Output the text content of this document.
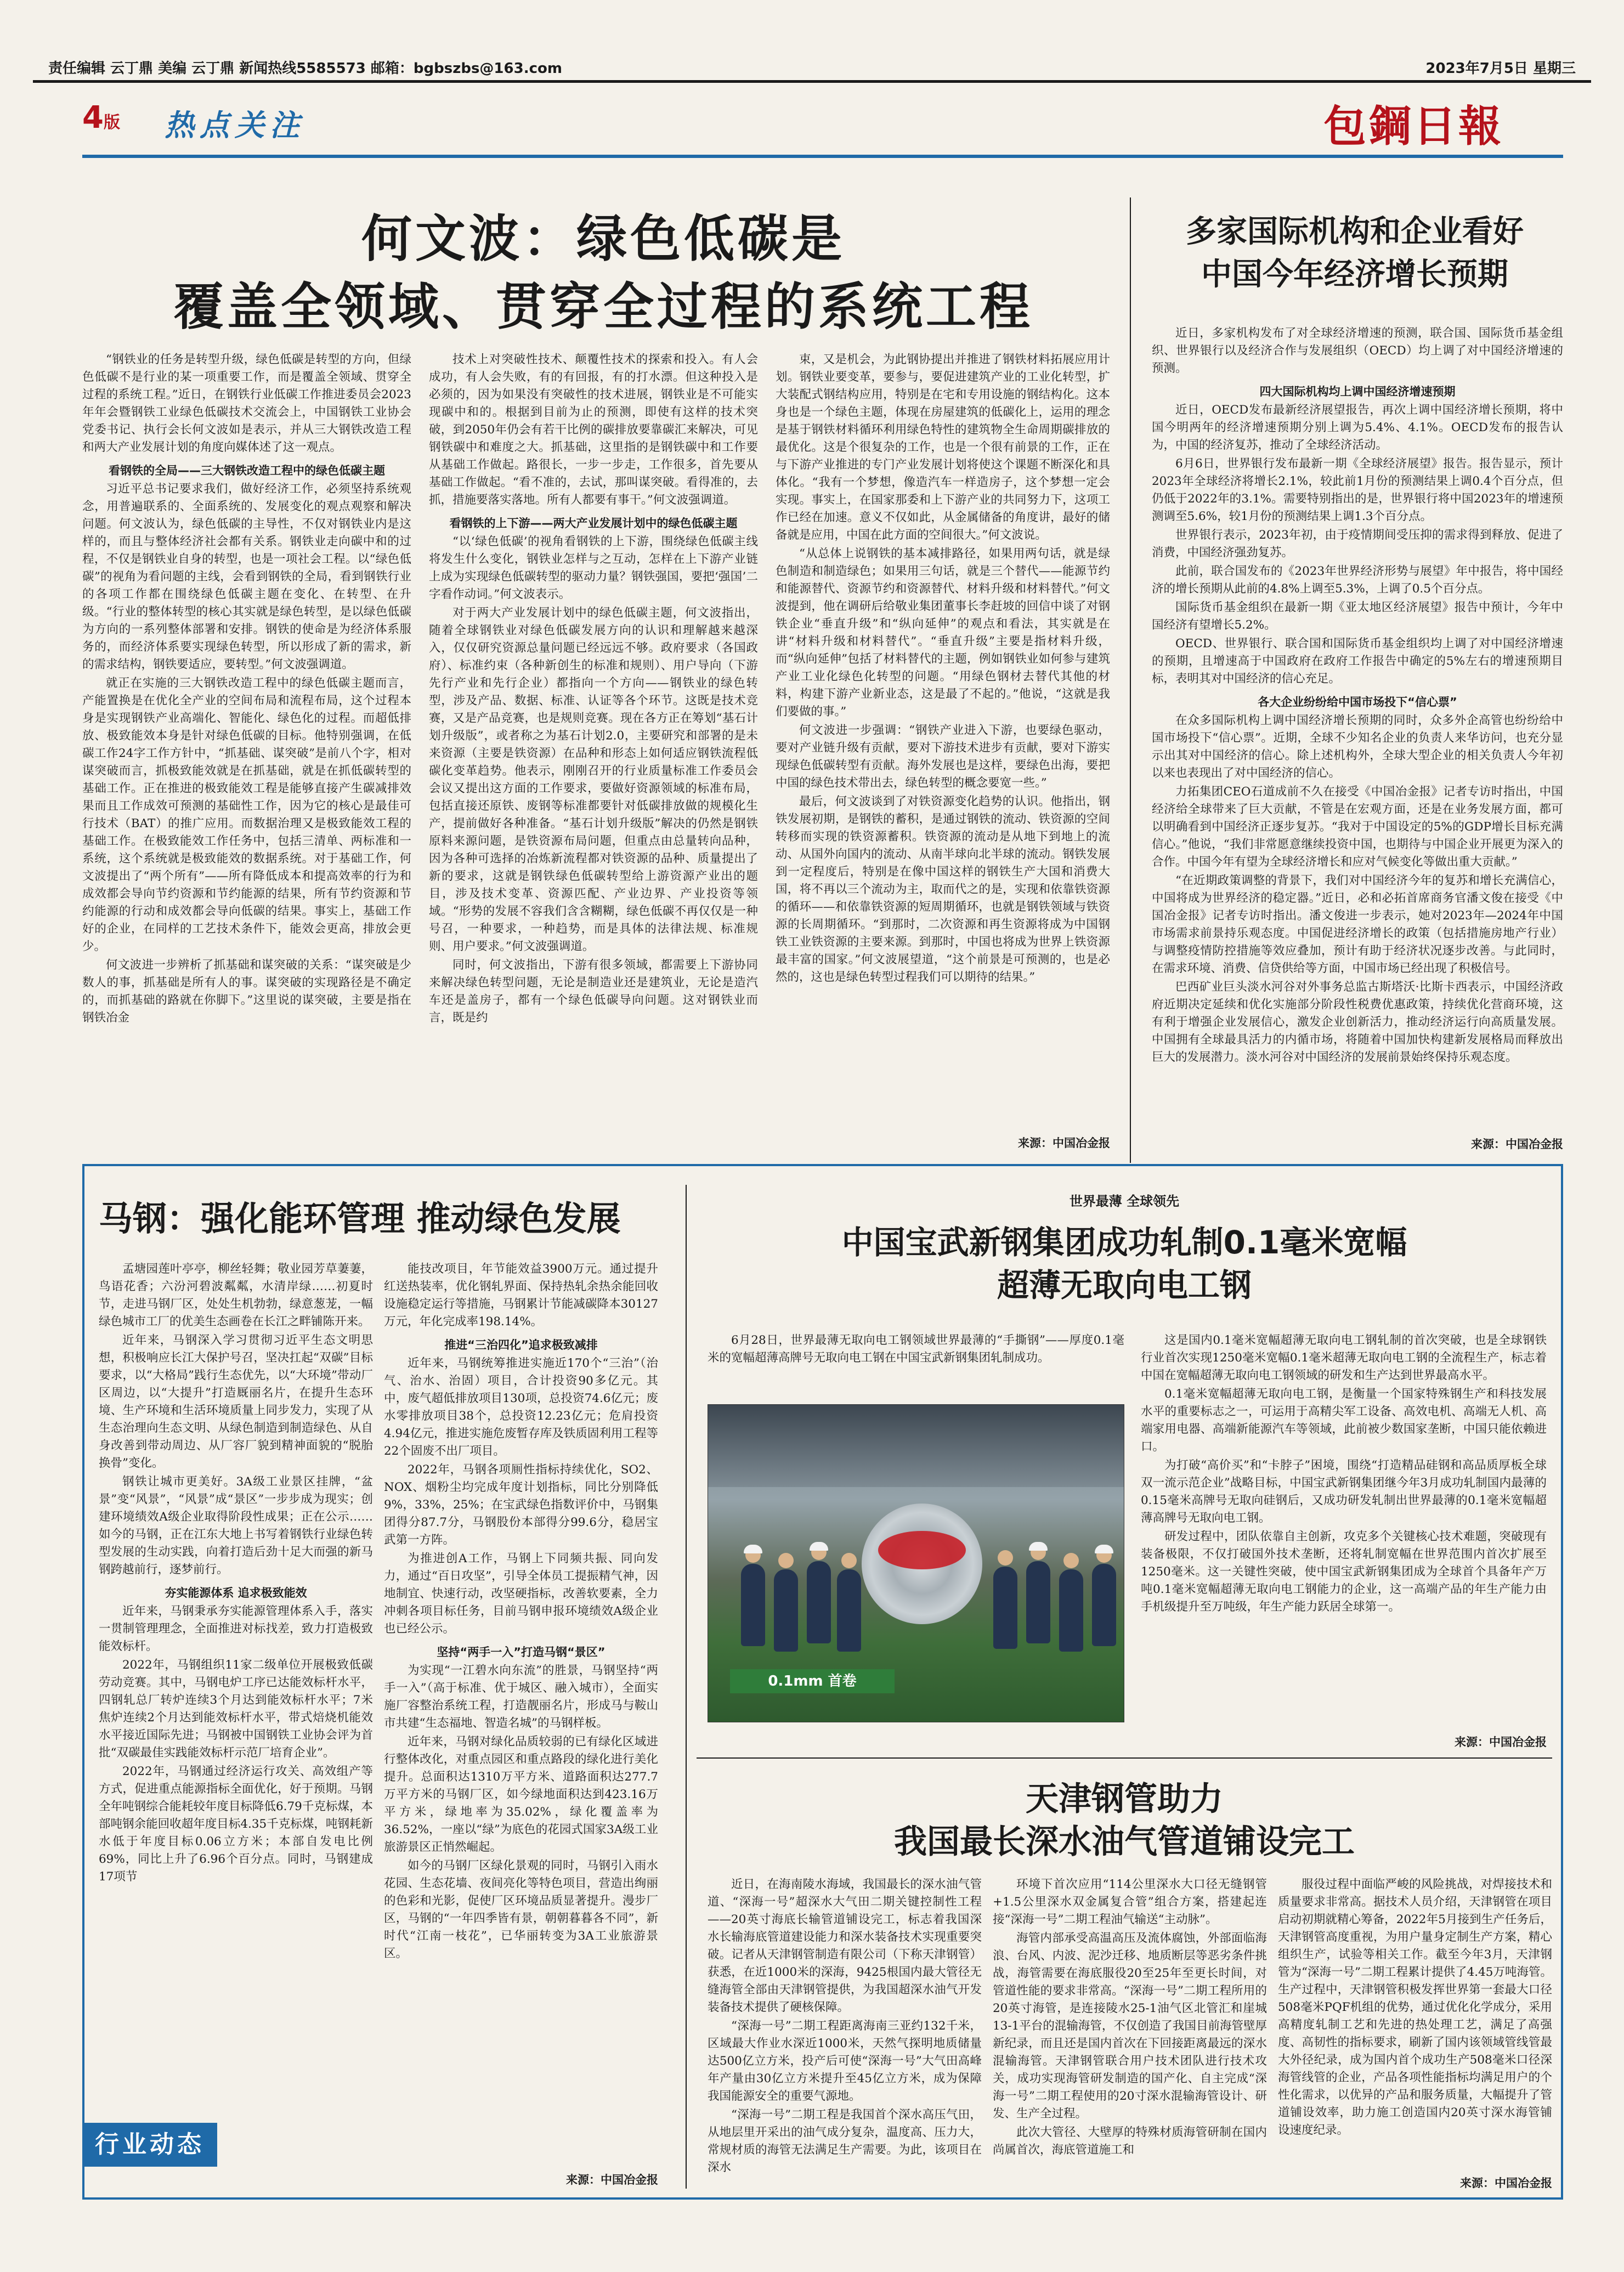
责任编辑 云丁鼎 美编 云丁鼎 新闻热线5585573 邮箱：bgbszbs@163.com	2023年7月5日 星期三
4版 热点关注	包鋼日報
何文波：绿色低碳是
覆盖全领域、贯穿全过程的系统工程

“钢铁业的任务是转型升级，绿色低碳是转型的方向，但绿色低碳不是行业的某一项重要工作，而是覆盖全领域、贯穿全过程的系统工程。”近日，在钢铁行业低碳工作推进委员会2023年年会暨钢铁工业绿色低碳技术交流会上，中国钢铁工业协会党委书记、执行会长何文波如是表示，并从三大钢铁改造工程和两大产业发展计划的角度向媒体述了这一观点。

看钢铁的全局——三大钢铁改造工程中的绿色低碳主题

习近平总书记要求我们，做好经济工作，必须坚持系统观念，用普遍联系的、全面系统的、发展变化的观点观察和解决问题。何文波认为，绿色低碳的主导性，不仅对钢铁业内是这样的，而且与整体经济社会都有关系。钢铁业走向碳中和的过程，不仅是钢铁业自身的转型，也是一项社会工程。以“绿色低碳”的视角为看问题的主线，会看到钢铁的全局，看到钢铁行业的各项工作都在围绕绿色低碳主题在变化、在转型、在升级。“行业的整体转型的核心其实就是绿色转型，是以绿色低碳为方向的一系列整体部署和安排。钢铁的使命是为经济体系服务的，而经济体系要实现绿色转型，所以形成了新的需求，新的需求结构，钢铁要适应，要转型。”何文波强调道。

就正在实施的三大钢铁改造工程中的绿色低碳主题而言，产能置换是在优化全产业的空间布局和流程布局，这个过程本身是实现钢铁产业高端化、智能化、绿色化的过程。而超低排放、极致能效本身是针对绿色低碳的目标。他特别强调，在低碳工作24字工作方针中，“抓基础、谋突破”是前八个字，相对谋突破而言，抓极致能效就是在抓基础，就是在抓低碳转型的基础工作。正在推进的极致能效工程是能够直接产生碳减排效果而且工作成效可预测的基础性工作，因为它的核心是最佳可行技术（BAT）的推广应用。而数据治理又是极致能效工程的基础工作。在极致能效工作任务中，包括三清单、两标准和一系统，这个系统就是极致能效的数据系统。对于基础工作，何文波提出了“两个所有”——所有降低成本和提高效率的行为和成效都会导向节约资源和节约能源的结果，所有节约资源和节约能源的行动和成效都会导向低碳的结果。事实上，基础工作好的企业，在同样的工艺技术条件下，能效会更高，排放会更少。

何文波进一步辨析了抓基础和谋突破的关系：“谋突破是少数人的事，抓基础是所有人的事。谋突破的实现路径是不确定的，而抓基础的路就在你脚下。”这里说的谋突破，主要是指在钢铁冶金

技术上对突破性技术、颠覆性技术的探索和投入。有人会成功，有人会失败，有的有回报，有的打水漂。但这种投入是必须的，因为如果没有突破性的技术进展，钢铁业是不可能实现碳中和的。根据到目前为止的预测，即使有这样的技术突破，到2050年仍会有若干比例的碳排放要靠碳汇来解决，可见钢铁碳中和难度之大。抓基础，这里指的是钢铁碳中和工作要从基础工作做起。路很长，一步一步走，工作很多，首先要从基础工作做起。“看不准的，去试，那叫谋突破。看得准的，去抓，措施要落实落地。所有人都要有事干。”何文波强调道。

看钢铁的上下游——两大产业发展计划中的绿色低碳主题

“以‘绿色低碳’的视角看钢铁的上下游，围绕绿色低碳主线将发生什么变化，钢铁业怎样与之互动，怎样在上下游产业链上成为实现绿色低碳转型的驱动力量？钢铁强国，要把‘强国’二字看作动词。”何文波表示。

对于两大产业发展计划中的绿色低碳主题，何文波指出，随着全球钢铁业对绿色低碳发展方向的认识和理解越来越深入，仅仅研究资源总量问题已经远远不够。政府要求（各国政府）、标准约束（各种新创生的标准和规则）、用户导向（下游先行产业和先行企业）都指向一个方向——钢铁业的绿色转型，涉及产品、数据、标准、认证等各个环节。这既是技术竞赛，又是产品竞赛，也是规则竞赛。现在各方正在筹划“基石计划升级版”，或者称之为基石计划2.0，主要研究和部署的是未来资源（主要是铁资源）在品种和形态上如何适应钢铁流程低碳化变革趋势。他表示，刚刚召开的行业质量标准工作委员会会议又提出这方面的工作要求，要做好资源领域的标准布局，包括直接还原铁、废钢等标准都要针对低碳排放做的规模化生产，提前做好各种准备。“基石计划升级版”解决的仍然是钢铁原料来源问题，是铁资源布局问题，但重点由总量转向品种，因为各种可选择的冶炼新流程都对铁资源的品种、质量提出了新的要求，这就是钢铁绿色低碳转型给上游资源产业出的题目，涉及技术变革、资源匹配、产业边界、产业投资等领域。“形势的发展不容我们含含糊糊，绿色低碳不再仅仅是一种号召，一种要求，一种趋势，而是具体的法律法规、标准规则、用户要求。”何文波强调道。

同时，何文波指出，下游有很多领域，都需要上下游协同来解决绿色转型问题，无论是制造业还是建筑业，无论是造汽车还是盖房子，都有一个绿色低碳导向问题。这对钢铁业而言，既是约

束，又是机会，为此钢协提出并推进了钢铁材料拓展应用计划。钢铁业要变革，要参与，要促进建筑产业的工业化转型，扩大装配式钢结构应用，特别是在宅和专用设施的钢结构化。这本身也是一个绿色主题，体现在房屋建筑的低碳化上，运用的理念是基于钢铁材料循环利用绿色特性的建筑物全生命周期碳排放的最优化。这是个很复杂的工作，也是一个很有前景的工作，正在与下游产业推进的专门产业发展计划将使这个课题不断深化和具体化。“我有一个梦想，像造汽车一样造房子，这个梦想一定会实现。事实上，在国家那委和上下游产业的共同努力下，这项工作已经在加速。意义不仅如此，从金属储备的角度讲，最好的储备就是应用，中国在此方面的空间很大。”何文波说。

“从总体上说钢铁的基本减排路径，如果用两句话，就是绿色制造和制造绿色；如果用三句话，就是三个替代——能源节约和能源替代、资源节约和资源替代、材料升级和材料替代。”何文波提到，他在调研后给敬业集团董事长李赶坡的回信中谈了对钢铁企业“垂直升级”和“纵向延伸”的观点和看法，其实就是在讲“材料升级和材料替代”。“垂直升级”主要是指材料升级，而“纵向延伸”包括了材料替代的主题，例如钢铁业如何参与建筑产业工业化绿色化转型的问题。“用绿色钢材去替代其他的材料，构建下游产业新业态，这是最了不起的。”他说，“这就是我们要做的事。”

何文波进一步强调：“钢铁产业进入下游，也要绿色驱动，要对产业链升级有贡献，要对下游技术进步有贡献，要对下游实现绿色低碳转型有贡献。海外发展也是这样，要绿色出海，要把中国的绿色技术带出去，绿色转型的概念要宽一些。”

最后，何文波谈到了对铁资源变化趋势的认识。他指出，钢铁发展初期，是钢铁的蓄积，是通过钢铁的流动、铁资源的空间转移而实现的铁资源蓄积。铁资源的流动是从地下到地上的流动、从国外向国内的流动、从南半球向北半球的流动。钢铁发展到一定程度后，特别是在像中国这样的钢铁生产大国和消费大国，将不再以三个流动为主，取而代之的是，实现和依靠铁资源的循环——和依靠铁资源的短周期循环，也就是钢铁领域与铁资源的长周期循环。“到那时，二次资源和再生资源将成为中国钢铁工业铁资源的主要来源。到那时，中国也将成为世界上铁资源最丰富的国家。”何文波展望道，“这个前景是可预测的，也是必然的，这也是绿色转型过程我们可以期待的结果。”

来源：中国冶金报
多家国际机构和企业看好
中国今年经济增长预期

近日，多家机构发布了对全球经济增速的预测，联合国、国际货币基金组织、世界银行以及经济合作与发展组织（OECD）均上调了对中国经济增速的预测。

四大国际机构均上调中国经济增速预期

近日，OECD发布最新经济展望报告，再次上调中国经济增长预期，将中国今明两年的经济增速预期分别上调为5.4%、4.1%。OECD发布的报告认为，中国的经济复苏，推动了全球经济活动。

6月6日，世界银行发布最新一期《全球经济展望》报告。报告显示，预计2023年全球经济将增长2.1%，较此前1月份的预测结果上调0.4个百分点，但仍低于2022年的3.1%。需要特别指出的是，世界银行将中国2023年的增速预测调至5.6%，较1月份的预测结果上调1.3个百分点。

世界银行表示，2023年初，由于疫情期间受压抑的需求得到释放、促进了消费，中国经济强劲复苏。

此前，联合国发布的《2023年世界经济形势与展望》年中报告，将中国经济的增长预期从此前的4.8%上调至5.3%，上调了0.5个百分点。

国际货币基金组织在最新一期《亚太地区经济展望》报告中预计，今年中国经济有望增长5.2%。

OECD、世界银行、联合国和国际货币基金组织均上调了对中国经济增速的预期，且增速高于中国政府在政府工作报告中确定的5%左右的增速预期目标，表明其对中国经济的信心充足。

各大企业纷纷给中国市场投下“信心票”

在众多国际机构上调中国经济增长预期的同时，众多外企高管也纷纷给中国市场投下“信心票”。近期，全球不少知名企业的负责人来华访问，也充分显示出其对中国经济的信心。除上述机构外，全球大型企业的相关负责人今年初以来也表现出了对中国经济的信心。

力拓集团CEO石道成前不久在接受《中国冶金报》记者专访时指出，中国经济给全球带来了巨大贡献，不管是在宏观方面，还是在业务发展方面，都可以明确看到中国经济正逐步复苏。“我对于中国设定的5%的GDP增长目标充满信心。”他说，“我们非常愿意继续投资中国，也期待与中国企业开展更为深入的合作。中国今年有望为全球经济增长和应对气候变化等做出重大贡献。”

“在近期政策调整的背景下，我们对中国经济今年的复苏和增长充满信心，中国将成为世界经济的稳定器。”近日，必和必拓首席商务官潘文俊在接受《中国冶金报》记者专访时指出。潘文俊进一步表示，她对2023年—2024年中国市场需求前景持乐观态度。中国促进经济增长的政策（包括措施房地产行业）与调整疫情防控措施等效应叠加，预计有助于经济状况逐步改善。与此同时，在需求环境、消费、信贷供给等方面，中国市场已经出现了积极信号。

巴西矿业巨头淡水河谷对外事务总监古斯塔沃·比斯卡西表示，中国经济政府近期决定延续和优化实施部分阶段性税费优惠政策，持续优化营商环境，这有利于增强企业发展信心，激发企业创新活力，推动经济运行向高质量发展。中国拥有全球最具活力的内循市场，将随着中国加快构建新发展格局而释放出巨大的发展潜力。淡水河谷对中国经济的发展前景始终保持乐观态度。

来源：中国冶金报
马钢：强化能环管理 推动绿色发展

孟塘园莲叶亭亭，柳丝轻舞；敬业园芳草萋萋，鸟语花香；六汾河碧波粼粼，水清岸绿……初夏时节，走进马钢厂区，处处生机勃勃，绿意葱茏，一幅绿色城市工厂的优美生态画卷在长江之畔铺陈开来。

近年来，马钢深入学习贯彻习近平生态文明思想，积极响应长江大保护号召，坚决扛起“双碳”目标要求，以“大格局”践行生态优先，以“大环境”带动厂区周边，以“大提升”打造厩丽名片，在提升生态环境、生产环境和生活环境质量上同步发力，实现了从生态治理向生态文明、从绿色制造到制造绿色、从自身改善到带动周边、从厂容厂貌到精神面貌的“脱胎换骨”变化。

钢铁让城市更美好。3A级工业景区挂牌，“盆景”变“风景”，“风景”成“景区”一步步成为现实；创建环境绩效A级企业取得阶段性成果；正在公示……如今的马钢，正在江东大地上书写着钢铁行业绿色转型发展的生动实践，向着打造后劲十足大而强的新马钢跨越前行，逐梦前行。

夯实能源体系 追求极致能效

近年来，马钢秉承夯实能源管理体系入手，落实一贯制管理理念，全面推进对标找差，致力打造极致能效标杆。

2022年，马钢组织11家二级单位开展极致低碳劳动竞赛。其中，马钢电炉工序已达能效标杆水平，四钢轧总厂转炉连续3个月达到能效标杆水平；7米焦炉连续2个月达到能效标杆水平，带式焙烧机能效水平接近国际先进；马钢被中国钢铁工业协会评为首批“双碳最佳实践能效标杆示范厂培育企业”。

2022年，马钢通过经济运行攻关、高效组产等方式，促进重点能源指标全面优化，好于预期。马钢全年吨钢综合能耗较年度目标降低6.79千克标煤，本部吨钢余能回收超年度目标4.35千克标煤，吨钢耗新水低于年度目标0.06立方米；本部自发电比例69%，同比上升了6.96个百分点。同时，马钢建成17项节

能技改项目，年节能效益3900万元。通过提升红送热装率，优化钢轧界面、保持热轧余热余能回收设施稳定运行等措施，马钢累计节能减碳降本30127万元，年化完成率198.14%。

推进“三治四化”追求极致减排

近年来，马钢统筹推进实施近170个“三治”（治气、治水、治固）项目，合计投资90多亿元。其中，废气超低排放项目130项，总投资74.6亿元；废水零排放项目38个，总投资12.23亿元；危肩投资4.94亿元，推进实施危废暂存库及铁质固利用工程等22个固废不出厂项目。

2022年，马钢各项厠性指标持续优化，SO2、NOX、烟粉尘均完成年度计划指标，同比分别降低9%，33%，25%；在宝武绿色指数评价中，马钢集团得分87.7分，马钢股份本部得分99.6分，稳居宝武第一方阵。

为推进创A工作，马钢上下同频共振、同向发力，通过“百日攻坚”，引导全体员工提振精气神，因地制宜、快速行动，改坚硬指标，改善软要素，全力冲刺各项目标任务，目前马钢申报环境绩效A级企业也已经公示。

坚持“两手一入”打造马钢“景区”

为实现“一江碧水向东流”的胜景，马钢坚持“两手一入”（高于标准、优于城区、融入城市），全面实施厂容整治系统工程，打造靓丽名片，形成马与鞍山市共建“生态福地、智造名城”的马钢样板。

近年来，马钢对绿化品质较弱的已有绿化区域进行整体改化，对重点园区和重点路段的绿化进行美化提升。总面积达1310万平方米、道路面积达277.7万平方米的马钢厂区，如今绿地面积达到423.16万平方米，绿地率为35.02%，绿化覆盖率为36.52%，一座以“绿”为底色的花园式国家3A级工业旅游景区正悄然崛起。

如今的马钢厂区绿化景观的同时，马钢引入雨水花园、生态花墙、夜间亮化等特色项目，营造出绚丽的色彩和光影，促使厂区环境品质显著提升。漫步厂区，马钢的“一年四季皆有景，朝朝暮暮各不同”，新时代“江南一枝花”，已华丽转变为3A工业旅游景区。

来源：中国冶金报
世界最薄 全球领先
中国宝武新钢集团成功轧制0.1毫米宽幅
超薄无取向电工钢

6月28日，世界最薄无取向电工钢领域世界最薄的“手撕钢”——厚度0.1毫米的宽幅超薄高牌号无取向电工钢在中国宝武新钢集团轧制成功。

0.1mm 首卷

这是国内0.1毫米宽幅超薄无取向电工钢轧制的首次突破，也是全球钢铁行业首次实现1250毫米宽幅0.1毫米超薄无取向电工钢的全流程生产，标志着中国在宽幅超薄无取向电工钢领域的研发和生产达到世界最高水平。

0.1毫米宽幅超薄无取向电工钢，是衡量一个国家特殊钢生产和科技发展水平的重要标志之一，可运用于高精尖军工设备、高效电机、高端无人机、高端家用电器、高端新能源汽车等领域，此前被少数国家垄断，中国只能依赖进口。

为打破“高价买”和“卡脖子”困境，围绕“打造精品硅钢和高品质厚板全球双一流示范企业”战略目标，中国宝武新钢集团继今年3月成功轧制国内最薄的0.15毫米高牌号无取向硅钢后，又成功研发轧制出世界最薄的0.1毫米宽幅超薄高牌号无取向电工钢。

研发过程中，团队依靠自主创新，攻克多个关键核心技术难题，突破现有装备极限，不仅打破国外技术垄断，还将轧制宽幅在世界范围内首次扩展至1250毫米。这一关键性突破，使中国宝武新钢集团成为全球首个具备年产万吨0.1毫米宽幅超薄无取向电工钢能力的企业，这一高端产品的年生产能力由手机级提升至万吨级，年生产能力跃居全球第一。

来源：中国冶金报
天津钢管助力
我国最长深水油气管道铺设完工

近日，在海南陵水海域，我国最长的深水油气管道、“深海一号”超深水大气田二期关键控制性工程——20英寸海底长输管道铺设完工，标志着我国深水长输海底管道建设能力和深水装备技术实现重要突破。记者从天津钢管制造有限公司（下称天津钢管）获悉，在近1000米的深海，9425根国内最大管径无缝海管全部由天津钢管提供，为我国超深水油气开发装备技术提供了硬核保障。

“深海一号”二期工程距离海南三亚约132千米，区域最大作业水深近1000米，天然气探明地质储量达500亿立方米，投产后可使“深海一号”大气田高峰年产量由30亿立方米提升至45亿立方米，成为保障我国能源安全的重要气源地。

“深海一号”二期工程是我国首个深水高压气田，从地层里开采出的油气成分复杂，温度高、压力大，常规材质的海管无法满足生产需要。为此，该项目在深水

环境下首次应用“114公里深水大口径无缝钢管+1.5公里深水双金属复合管”组合方案，搭建起连接“深海一号”二期工程油气输送“主动脉”。

海管内部承受高温高压及流体腐蚀，外部面临海浪、台风、内波、泥沙迁移、地质断层等恶劣条件挑战，海管需要在海底服役20至25年至更长时间，对管道性能的要求非常高。“深海一号”二期工程所用的20英寸海管，是连接陵水25-1油气区北管汇和崖城13-1平台的混输海管，不仅创造了我国目前海管壁厚新纪录，而且还是国内首次在下回接距离最远的深水混输海管。天津钢管联合用户技术团队进行技术攻关，成功实现海管研发制造的国产化、自主完成“深海一号”二期工程使用的20寸深水混输海管设计、研发、生产全过程。

此次大管径、大壁厚的特殊材质海管研制在国内尚属首次，海底管道施工和

服役过程中面临严峻的风险挑战，对焊接技术和质量要求非常高。据技术人员介绍，天津钢管在项目启动初期就精心筹备，2022年5月接到生产任务后，天津钢管高度重视，为用户量身定制生产方案，精心组织生产，试验等相关工作。截至今年3月，天津钢管为“深海一号”二期工程累计提供了4.45万吨海管。生产过程中，天津钢管积极发挥世界第一套最大口径508毫米PQF机组的优势，通过优化化学成分，采用高精度轧制工艺和先进的热处理工艺，满足了高强度、高韧性的指标要求，刷新了国内该领域管线管最大外径纪录，成为国内首个成功生产508毫米口径深海管线管的企业，产品各项性能指标均满足用户的个性化需求，以优异的产品和服务质量，大幅提升了管道铺设效率，助力施工创造国内20英寸深水海管铺设速度纪录。

来源：中国冶金报
行业动态
